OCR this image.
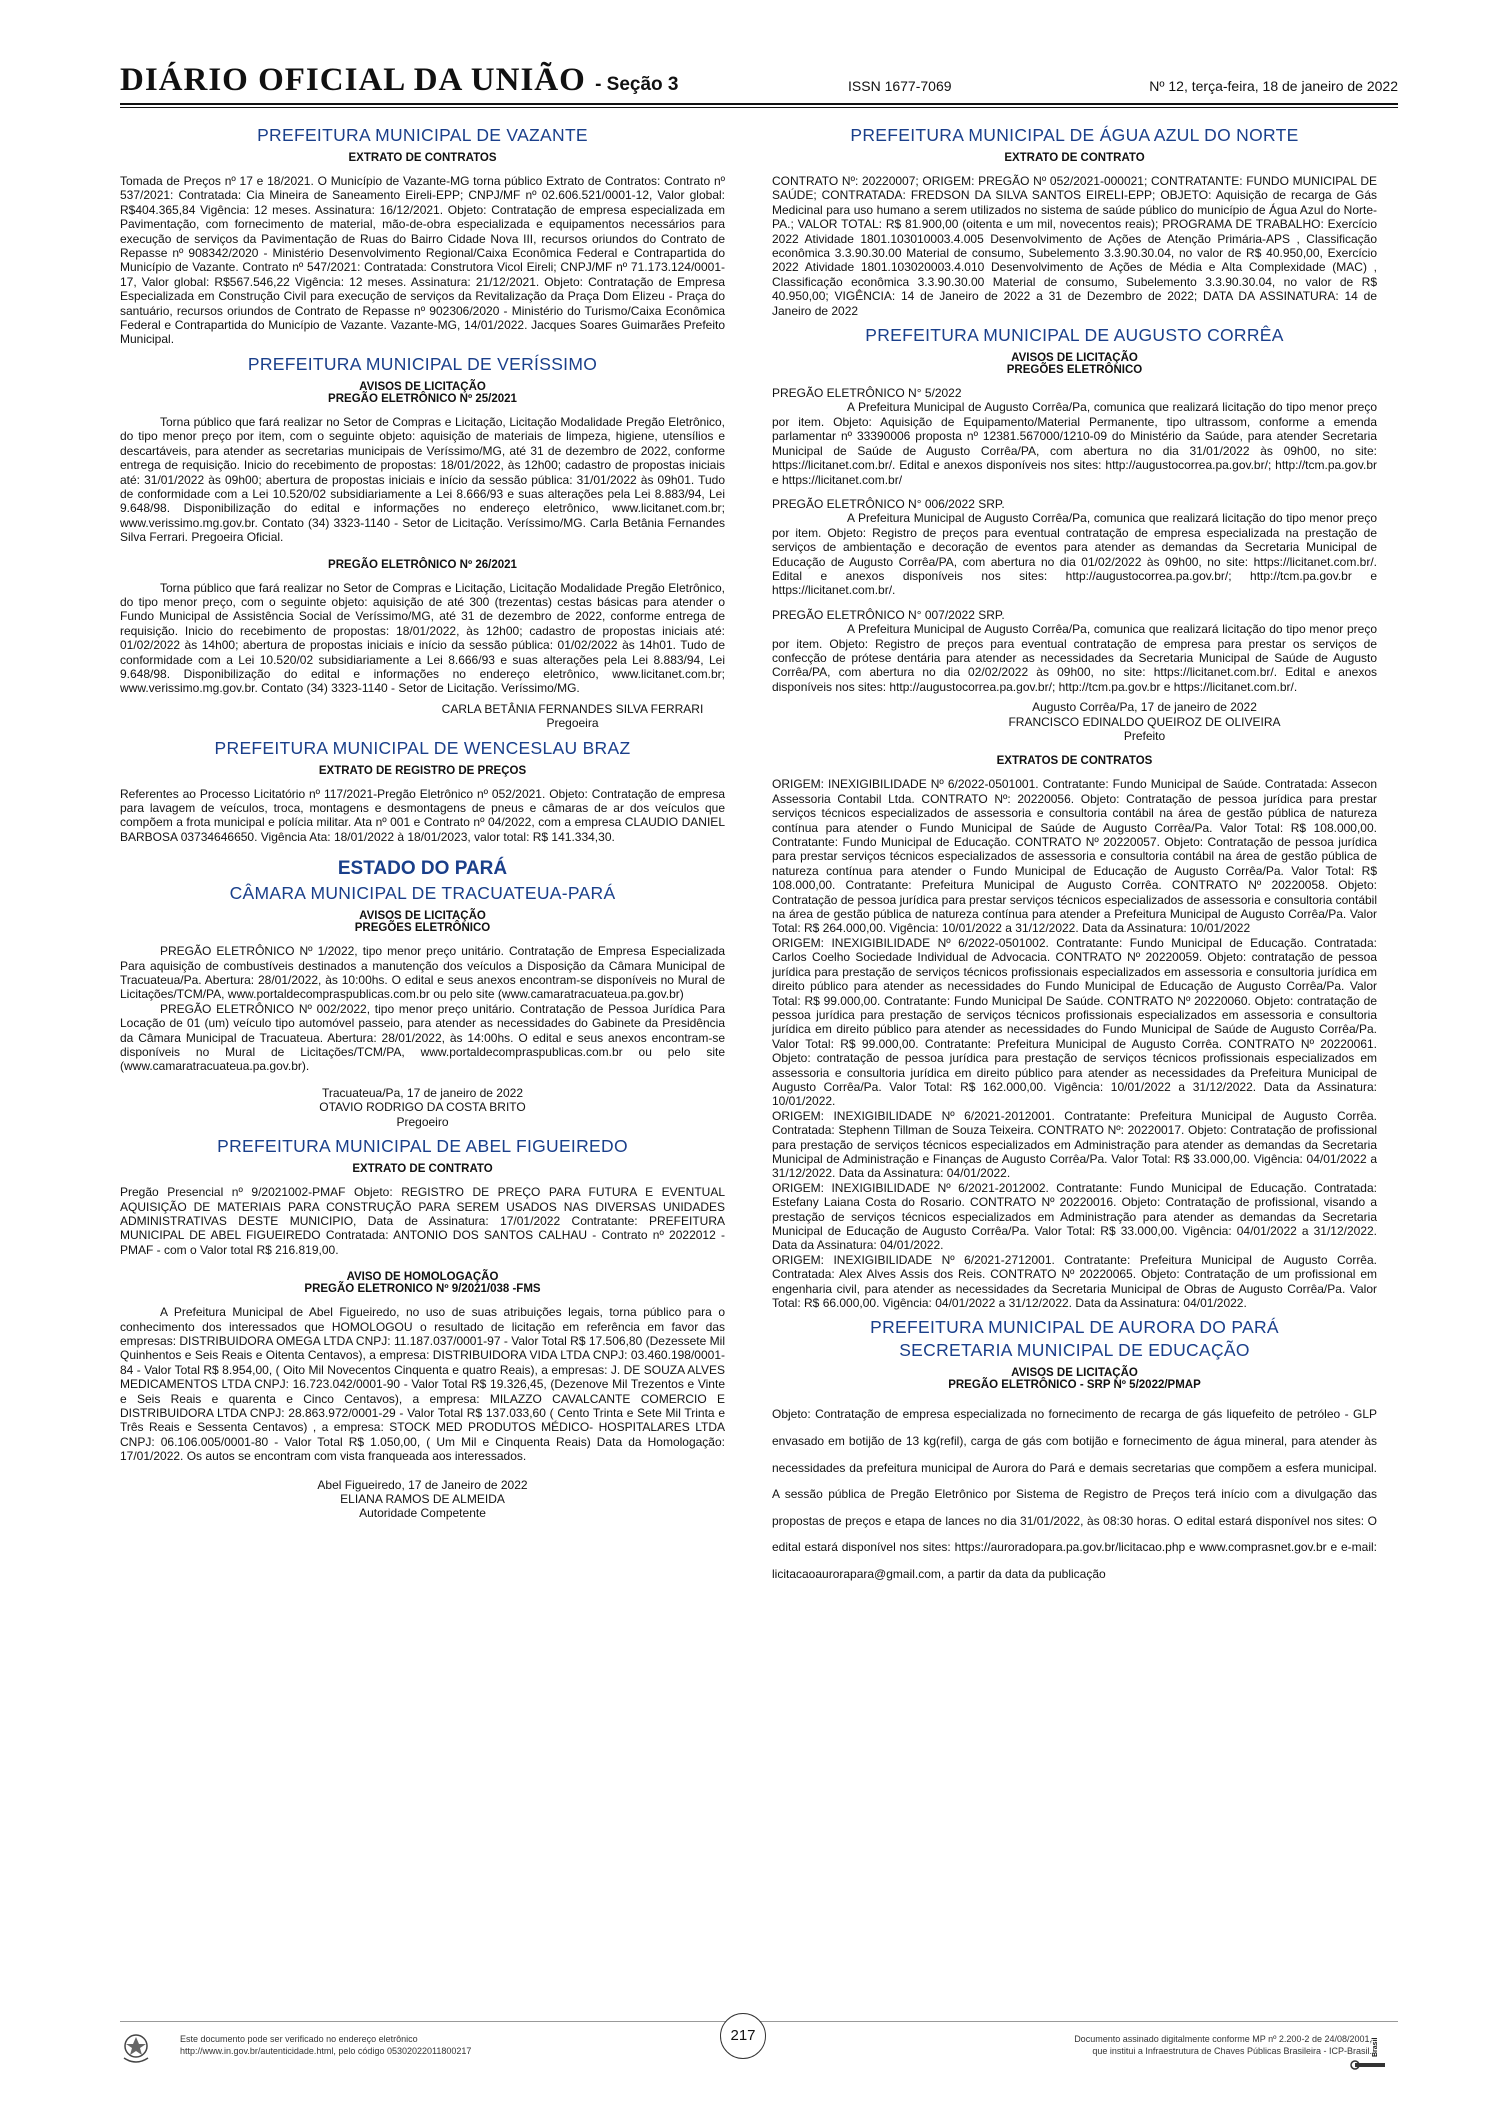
DIÁRIO OFICIAL DA UNIÃO - Seção 3	ISSN 1677-7069	Nº 12, terça-feira, 18 de janeiro de 2022
PREFEITURA MUNICIPAL DE VAZANTE
EXTRATO DE CONTRATOS

Tomada de Preços nº 17 e 18/2021. O Município de Vazante-MG torna público Extrato de Contratos: Contrato nº 537/2021: Contratada: Cia Mineira de Saneamento Eireli-EPP; CNPJ/MF nº 02.606.521/0001-12, Valor global: R$404.365,84 Vigência: 12 meses. Assinatura: 16/12/2021. Objeto: Contratação de empresa especializada em Pavimentação, com fornecimento de material, mão-de-obra especializada e equipamentos necessários para execução de serviços da Pavimentação de Ruas do Bairro Cidade Nova III, recursos oriundos do Contrato de Repasse nº 908342/2020 - Ministério Desenvolvimento Regional/Caixa Econômica Federal e Contrapartida do Município de Vazante. Contrato nº 547/2021: Contratada: Construtora Vicol Eireli; CNPJ/MF nº 71.173.124/0001-17, Valor global: R$567.546,22 Vigência: 12 meses. Assinatura: 21/12/2021. Objeto: Contratação de Empresa Especializada em Construção Civil para execução de serviços da Revitalização da Praça Dom Elizeu - Praça do santuário, recursos oriundos de Contrato de Repasse nº 902306/2020 - Ministério do Turismo/Caixa Econômica Federal e Contrapartida do Município de Vazante. Vazante-MG, 14/01/2022. Jacques Soares Guimarães Prefeito Municipal.

PREFEITURA MUNICIPAL DE VERÍSSIMO
AVISOS DE LICITAÇÃO
PREGÃO ELETRÔNICO Nº 25/2021

Torna público que fará realizar no Setor de Compras e Licitação, Licitação Modalidade Pregão Eletrônico, do tipo menor preço por item, com o seguinte objeto: aquisição de materiais de limpeza, higiene, utensílios e descartáveis, para atender as secretarias municipais de Veríssimo/MG, até 31 de dezembro de 2022, conforme entrega de requisição. Inicio do recebimento de propostas: 18/01/2022, às 12h00; cadastro de propostas iniciais até: 31/01/2022 às 09h00; abertura de propostas iniciais e início da sessão pública: 31/01/2022 às 09h01. Tudo de conformidade com a Lei 10.520/02 subsidiariamente a Lei 8.666/93 e suas alterações pela Lei 8.883/94, Lei 9.648/98. Disponibilização do edital e informações no endereço eletrônico, www.licitanet.com.br; www.verissimo.mg.gov.br. Contato (34) 3323-1140 - Setor de Licitação. Veríssimo/MG. Carla Betânia Fernandes Silva Ferrari. Pregoeira Oficial.

PREGÃO ELETRÔNICO Nº 26/2021

Torna público que fará realizar no Setor de Compras e Licitação, Licitação Modalidade Pregão Eletrônico, do tipo menor preço, com o seguinte objeto: aquisição de até 300 (trezentas) cestas básicas para atender o Fundo Municipal de Assistência Social de Veríssimo/MG, até 31 de dezembro de 2022, conforme entrega de requisição. Inicio do recebimento de propostas: 18/01/2022, às 12h00; cadastro de propostas iniciais até: 01/02/2022 às 14h00; abertura de propostas iniciais e início da sessão pública: 01/02/2022 às 14h01. Tudo de conformidade com a Lei 10.520/02 subsidiariamente a Lei 8.666/93 e suas alterações pela Lei 8.883/94, Lei 9.648/98. Disponibilização do edital e informações no endereço eletrônico, www.licitanet.com.br; www.verissimo.mg.gov.br. Contato (34) 3323-1140 - Setor de Licitação. Veríssimo/MG.

CARLA BETÂNIA FERNANDES SILVA FERRARI
Pregoeira
PREFEITURA MUNICIPAL DE WENCESLAU BRAZ
EXTRATO DE REGISTRO DE PREÇOS

Referentes ao Processo Licitatório nº 117/2021-Pregão Eletrônico nº 052/2021. Objeto: Contratação de empresa para lavagem de veículos, troca, montagens e desmontagens de pneus e câmaras de ar dos veículos que compõem a frota municipal e polícia militar. Ata nº 001 e Contrato nº 04/2022, com a empresa CLAUDIO DANIEL BARBOSA 03734646650. Vigência Ata: 18/01/2022 à 18/01/2023, valor total: R$ 141.334,30.

ESTADO DO PARÁ
CÂMARA MUNICIPAL DE TRACUATEUA-PARÁ
AVISOS DE LICITAÇÃO
PREGÕES ELETRÔNICO

PREGÃO ELETRÔNICO Nº 1/2022, tipo menor preço unitário. Contratação de Empresa Especializada Para aquisição de combustíveis destinados a manutenção dos veículos a Disposição da Câmara Municipal de Tracuateua/Pa. Abertura: 28/01/2022, às 10:00hs. O edital e seus anexos encontram-se disponíveis no Mural de Licitações/TCM/PA, www.portaldecompraspublicas.com.br ou pelo site (www.camaratracuateua.pa.gov.br)

PREGÃO ELETRÔNICO Nº 002/2022, tipo menor preço unitário. Contratação de Pessoa Jurídica Para Locação de 01 (um) veículo tipo automóvel passeio, para atender as necessidades do Gabinete da Presidência da Câmara Municipal de Tracuateua. Abertura: 28/01/2022, às 14:00hs. O edital e seus anexos encontram-se disponíveis no Mural de Licitações/TCM/PA, www.portaldecompraspublicas.com.br ou pelo site (www.camaratracuateua.pa.gov.br).

Tracuateua/Pa, 17 de janeiro de 2022
OTAVIO RODRIGO DA COSTA BRITO
Pregoeiro
PREFEITURA MUNICIPAL DE ABEL FIGUEIREDO
EXTRATO DE CONTRATO

Pregão Presencial nº 9/2021002-PMAF Objeto: REGISTRO DE PREÇO PARA FUTURA E EVENTUAL AQUISIÇÃO DE MATERIAIS PARA CONSTRUÇÃO PARA SEREM USADOS NAS DIVERSAS UNIDADES ADMINISTRATIVAS DESTE MUNICIPIO, Data de Assinatura: 17/01/2022 Contratante: PREFEITURA MUNICIPAL DE ABEL FIGUEIREDO Contratada: ANTONIO DOS SANTOS CALHAU - Contrato nº 2022012 - PMAF - com o Valor total R$ 216.819,00.

AVISO DE HOMOLOGAÇÃO
PREGÃO ELETRONICO Nº 9/2021/038 -FMS

A Prefeitura Municipal de Abel Figueiredo, no uso de suas atribuições legais, torna público para o conhecimento dos interessados que HOMOLOGOU o resultado de licitação em referência em favor das empresas: DISTRIBUIDORA OMEGA LTDA CNPJ: 11.187.037/0001-97 - Valor Total R$ 17.506,80 (Dezessete Mil Quinhentos e Seis Reais e Oitenta Centavos), a empresa: DISTRIBUIDORA VIDA LTDA CNPJ: 03.460.198/0001-84 - Valor Total R$ 8.954,00, ( Oito Mil Novecentos Cinquenta e quatro Reais), a empresas: J. DE SOUZA ALVES MEDICAMENTOS LTDA CNPJ: 16.723.042/0001-90 - Valor Total R$ 19.326,45, (Dezenove Mil Trezentos e Vinte e Seis Reais e quarenta e Cinco Centavos), a empresa: MILAZZO CAVALCANTE COMERCIO E DISTRIBUIDORA LTDA CNPJ: 28.863.972/0001-29 - Valor Total R$ 137.033,60 ( Cento Trinta e Sete Mil Trinta e Três Reais e Sessenta Centavos) , a empresa: STOCK MED PRODUTOS MÉDICO- HOSPITALARES LTDA CNPJ: 06.106.005/0001-80 - Valor Total R$ 1.050,00, ( Um Mil e Cinquenta Reais) Data da Homologação: 17/01/2022. Os autos se encontram com vista franqueada aos interessados.

Abel Figueiredo, 17 de Janeiro de 2022
ELIANA RAMOS DE ALMEIDA
Autoridade Competente
PREFEITURA MUNICIPAL DE ÁGUA AZUL DO NORTE
EXTRATO DE CONTRATO

CONTRATO Nº: 20220007; ORIGEM: PREGÃO Nº 052/2021-000021; CONTRATANTE: FUNDO MUNICIPAL DE SAÚDE; CONTRATADA: FREDSON DA SILVA SANTOS EIRELI-EPP; OBJETO: Aquisição de recarga de Gás Medicinal para uso humano a serem utilizados no sistema de saúde público do município de Água Azul do Norte-PA.; VALOR TOTAL: R$ 81.900,00 (oitenta e um mil, novecentos reais); PROGRAMA DE TRABALHO: Exercício 2022 Atividade 1801.103010003.4.005 Desenvolvimento de Ações de Atenção Primária-APS , Classificação econômica 3.3.90.30.00 Material de consumo, Subelemento 3.3.90.30.04, no valor de R$ 40.950,00, Exercício 2022 Atividade 1801.103020003.4.010 Desenvolvimento de Ações de Média e Alta Complexidade (MAC) , Classificação econômica 3.3.90.30.00 Material de consumo, Subelemento 3.3.90.30.04, no valor de R$ 40.950,00; VIGÊNCIA: 14 de Janeiro de 2022 a 31 de Dezembro de 2022; DATA DA ASSINATURA: 14 de Janeiro de 2022

PREFEITURA MUNICIPAL DE AUGUSTO CORRÊA
AVISOS DE LICITAÇÃO
PREGÕES ELETRÔNICO

PREGÃO ELETRÔNICO N° 5/2022

A Prefeitura Municipal de Augusto Corrêa/Pa, comunica que realizará licitação do tipo menor preço por item. Objeto: Aquisição de Equipamento/Material Permanente, tipo ultrassom, conforme a emenda parlamentar nº 33390006 proposta nº 12381.567000/1210-09 do Ministério da Saúde, para atender Secretaria Municipal de Saúde de Augusto Corrêa/PA, com abertura no dia 31/01/2022 às 09h00, no site: https://licitanet.com.br/. Edital e anexos disponíveis nos sites: http://augustocorrea.pa.gov.br/; http://tcm.pa.gov.br e https://licitanet.com.br/

PREGÃO ELETRÔNICO N° 006/2022 SRP.

A Prefeitura Municipal de Augusto Corrêa/Pa, comunica que realizará licitação do tipo menor preço por item. Objeto: Registro de preços para eventual contratação de empresa especializada na prestação de serviços de ambientação e decoração de eventos para atender as demandas da Secretaria Municipal de Educação de Augusto Corrêa/PA, com abertura no dia 01/02/2022 às 09h00, no site: https://licitanet.com.br/. Edital e anexos disponíveis nos sites: http://augustocorrea.pa.gov.br/; http://tcm.pa.gov.br e https://licitanet.com.br/.

PREGÃO ELETRÔNICO N° 007/2022 SRP.

A Prefeitura Municipal de Augusto Corrêa/Pa, comunica que realizará licitação do tipo menor preço por item. Objeto: Registro de preços para eventual contratação de empresa para prestar os serviços de confecção de prótese dentária para atender as necessidades da Secretaria Municipal de Saúde de Augusto Corrêa/PA, com abertura no dia 02/02/2022 às 09h00, no site: https://licitanet.com.br/. Edital e anexos disponíveis nos sites: http://augustocorrea.pa.gov.br/; http://tcm.pa.gov.br e https://licitanet.com.br/.

Augusto Corrêa/Pa, 17 de janeiro de 2022
FRANCISCO EDINALDO QUEIROZ DE OLIVEIRA
Prefeito
EXTRATOS DE CONTRATOS

ORIGEM: INEXIGIBILIDADE Nº 6/2022-0501001. Contratante: Fundo Municipal de Saúde. Contratada: Assecon Assessoria Contabil Ltda. CONTRATO Nº: 20220056. Objeto: Contratação de pessoa jurídica para prestar serviços técnicos especializados de assessoria e consultoria contábil na área de gestão pública de natureza contínua para atender o Fundo Municipal de Saúde de Augusto Corrêa/Pa. Valor Total: R$ 108.000,00. Contratante: Fundo Municipal de Educação. CONTRATO Nº 20220057. Objeto: Contratação de pessoa jurídica para prestar serviços técnicos especializados de assessoria e consultoria contábil na área de gestão pública de natureza contínua para atender o Fundo Municipal de Educação de Augusto Corrêa/Pa. Valor Total: R$ 108.000,00. Contratante: Prefeitura Municipal de Augusto Corrêa. CONTRATO Nº 20220058. Objeto: Contratação de pessoa jurídica para prestar serviços técnicos especializados de assessoria e consultoria contábil na área de gestão pública de natureza contínua para atender a Prefeitura Municipal de Augusto Corrêa/Pa. Valor Total: R$ 264.000,00. Vigência: 10/01/2022 a 31/12/2022. Data da Assinatura: 10/01/2022

ORIGEM: INEXIGIBILIDADE Nº 6/2022-0501002. Contratante: Fundo Municipal de Educação. Contratada: Carlos Coelho Sociedade Individual de Advocacia. CONTRATO Nº 20220059. Objeto: contratação de pessoa jurídica para prestação de serviços técnicos profissionais especializados em assessoria e consultoria jurídica em direito público para atender as necessidades do Fundo Municipal de Educação de Augusto Corrêa/Pa. Valor Total: R$ 99.000,00. Contratante: Fundo Municipal De Saúde. CONTRATO Nº 20220060. Objeto: contratação de pessoa jurídica para prestação de serviços técnicos profissionais especializados em assessoria e consultoria jurídica em direito público para atender as necessidades do Fundo Municipal de Saúde de Augusto Corrêa/Pa. Valor Total: R$ 99.000,00. Contratante: Prefeitura Municipal de Augusto Corrêa. CONTRATO Nº 20220061. Objeto: contratação de pessoa jurídica para prestação de serviços técnicos profissionais especializados em assessoria e consultoria jurídica em direito público para atender as necessidades da Prefeitura Municipal de Augusto Corrêa/Pa. Valor Total: R$ 162.000,00. Vigência: 10/01/2022 a 31/12/2022. Data da Assinatura: 10/01/2022.

ORIGEM: INEXIGIBILIDADE Nº 6/2021-2012001. Contratante: Prefeitura Municipal de Augusto Corrêa. Contratada: Stephenn Tillman de Souza Teixeira. CONTRATO Nº: 20220017. Objeto: Contratação de profissional para prestação de serviços técnicos especializados em Administração para atender as demandas da Secretaria Municipal de Administração e Finanças de Augusto Corrêa/Pa. Valor Total: R$ 33.000,00. Vigência: 04/01/2022 a 31/12/2022. Data da Assinatura: 04/01/2022.

ORIGEM: INEXIGIBILIDADE Nº 6/2021-2012002. Contratante: Fundo Municipal de Educação. Contratada: Estefany Laiana Costa do Rosario. CONTRATO Nº 20220016. Objeto: Contratação de profissional, visando a prestação de serviços técnicos especializados em Administração para atender as demandas da Secretaria Municipal de Educação de Augusto Corrêa/Pa. Valor Total: R$ 33.000,00. Vigência: 04/01/2022 a 31/12/2022. Data da Assinatura: 04/01/2022.

ORIGEM: INEXIGIBILIDADE Nº 6/2021-2712001. Contratante: Prefeitura Municipal de Augusto Corrêa. Contratada: Alex Alves Assis dos Reis. CONTRATO Nº 20220065. Objeto: Contratação de um profissional em engenharia civil, para atender as necessidades da Secretaria Municipal de Obras de Augusto Corrêa/Pa. Valor Total: R$ 66.000,00. Vigência: 04/01/2022 a 31/12/2022. Data da Assinatura: 04/01/2022.

PREFEITURA MUNICIPAL DE AURORA DO PARÁ
SECRETARIA MUNICIPAL DE EDUCAÇÃO
AVISOS DE LICITAÇÃO
PREGÃO ELETRÔNICO - SRP Nº 5/2022/PMAP

Objeto: Contratação de empresa especializada no fornecimento de recarga de gás liquefeito de petróleo - GLP envasado em botijão de 13 kg(refil), carga de gás com botijão e fornecimento de água mineral, para atender às necessidades da prefeitura municipal de Aurora do Pará e demais secretarias que compõem a esfera municipal. A sessão pública de Pregão Eletrônico por Sistema de Registro de Preços terá início com a divulgação das propostas de preços e etapa de lances no dia 31/01/2022, às 08:30 horas. O edital estará disponível nos sites: O edital estará disponível nos sites: https://auroradopara.pa.gov.br/licitacao.php e www.comprasnet.gov.br e e-mail: licitacaoaurorapara@gmail.com, a partir da data da publicação

Este documento pode ser verificado no endereço eletrônico
http://www.in.gov.br/autenticidade.html, pelo código 05302022011800217
217	Documento assinado digitalmente conforme MP nº 2.200-2 de 24/08/2001,
que institui a Infraestrutura de Chaves Públicas Brasileira - ICP-Brasil. Brasil
